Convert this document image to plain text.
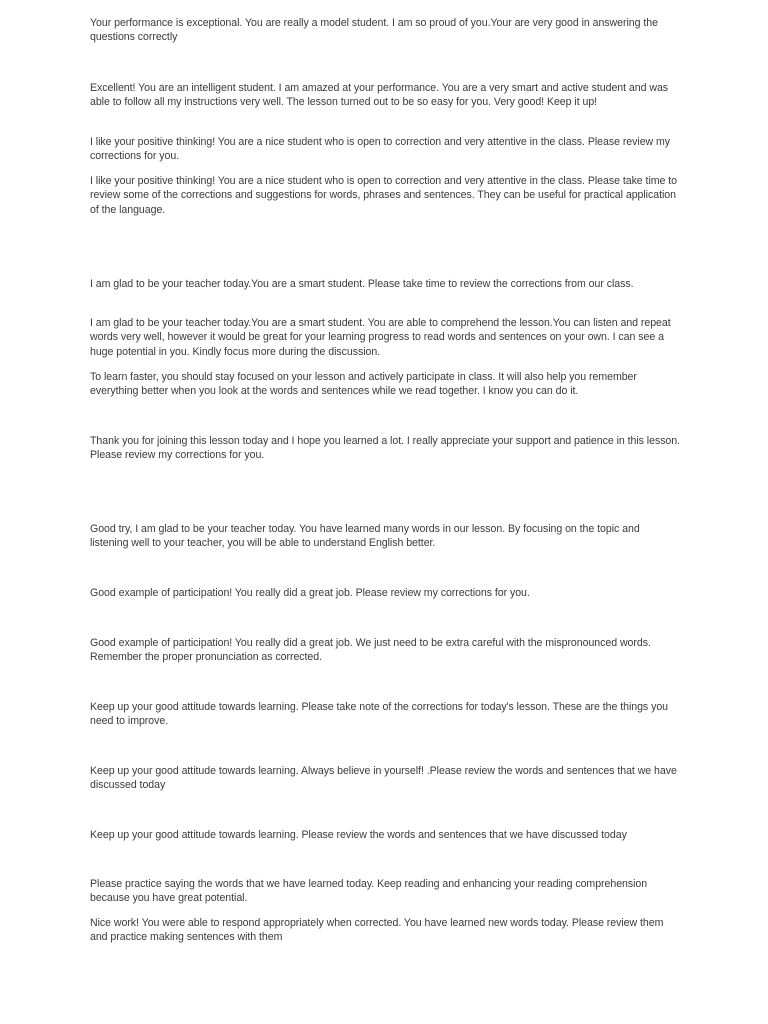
Your performance is exceptional. You are really a model student. I am so proud of you.Your are very good in answering the questions correctly

Excellent! You are an intelligent student. I am amazed at your performance. You are a very smart and active student and was able to follow all my instructions very well. The lesson turned out to be so easy for you. Very good! Keep it up!

I like your positive thinking! You are a nice student who is open to correction and very attentive in the class. Please review my corrections for you.

I like your positive thinking! You are a nice student who is open to correction and very attentive in the class. Please take time to review some of the corrections and suggestions for words, phrases and sentences. They can be useful for practical application of the language.

I am glad to be your teacher today.You are a smart student. Please take time to review the corrections from our class.

I am glad to be your teacher today.You are a smart student. You are able to comprehend the lesson.You can listen and repeat words very well, however it would be great for your learning progress to read words and sentences on your own. I can see a huge potential in you. Kindly focus more during the discussion.

To learn faster, you should stay focused on your lesson and actively participate in class. It will also help you remember everything better when you look at the words and sentences while we read together. I know you can do it.

Thank you for joining this lesson today and I hope you learned a lot. I really appreciate your support and patience in this lesson. Please review my corrections for you.

Good try, I am glad to be your teacher today. You have learned many words in our lesson. By focusing on the topic and listening well to your teacher, you will be able to understand English better.

Good example of participation! You really did a great job. Please review my corrections for you.

Good example of participation! You really did a great job. We just need to be extra careful with the mispronounced words. Remember the proper pronunciation as corrected.

Keep up your good attitude towards learning. Please take note of the corrections for today's lesson. These are the things you need to improve.

Keep up your good attitude towards learning. Always believe in yourself! .Please review the words and sentences that we have discussed today

Keep up your good attitude towards learning. Please review the words and sentences that we have discussed today

Please practice saying the words that we have learned today. Keep reading and enhancing your reading comprehension because you have great potential.

Nice work! You were able to respond appropriately when corrected. You have learned new words today. Please review them and practice making sentences with them
